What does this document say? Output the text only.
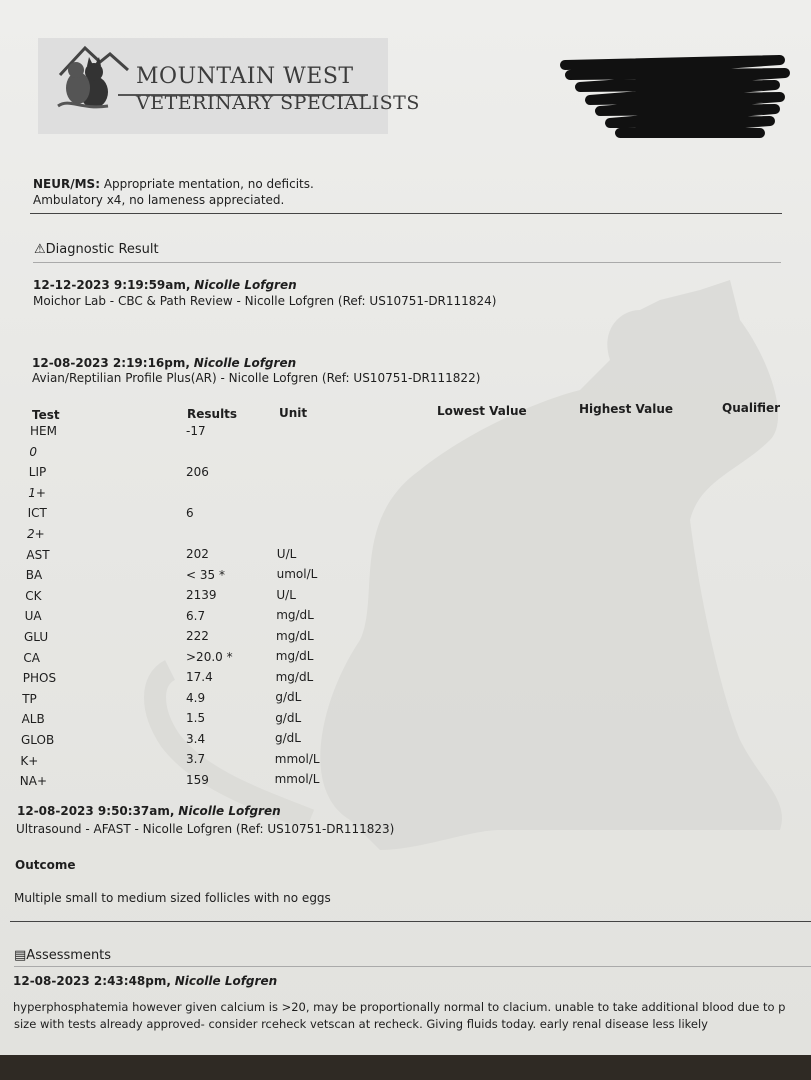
MOUNTAIN WEST
VETERINARY SPECIALISTS
NEUR/MS: Appropriate mentation, no deficits.
Ambulatory x4, no lameness appreciated.
⚠Diagnostic Result
12-12-2023 9:19:59am, Nicolle Lofgren
Moichor Lab - CBC & Path Review - Nicolle Lofgren (Ref: US10751-DR111824)
12-08-2023 2:19:16pm, Nicolle Lofgren
Avian/Reptilian Profile Plus(AR) - Nicolle Lofgren (Ref: US10751-DR111822)
Test	Results	Unit	Lowest Value	Highest Value	Qualifier
HEM	-17
0
LIP	206
1+
ICT	6
2+
AST	202	U/L
BA	< 35 *	umol/L
CK	2139	U/L
UA	6.7	mg/dL
GLU	222	mg/dL
CA	>20.0 *	mg/dL
PHOS	17.4	mg/dL
TP	4.9	g/dL
ALB	1.5	g/dL
GLOB	3.4	g/dL
K+	3.7	mmol/L
NA+	159	mmol/L
12-08-2023 9:50:37am, Nicolle Lofgren
Ultrasound - AFAST - Nicolle Lofgren (Ref: US10751-DR111823)
Outcome
Multiple small to medium sized follicles with no eggs
▤Assessments
12-08-2023 2:43:48pm, Nicolle Lofgren
hyperphosphatemia however given calcium is >20, may be proportionally normal to clacium. unable to take additional blood due to p
size with tests already approved- consider rceheck vetscan at recheck. Giving fluids today. early renal disease less likely
